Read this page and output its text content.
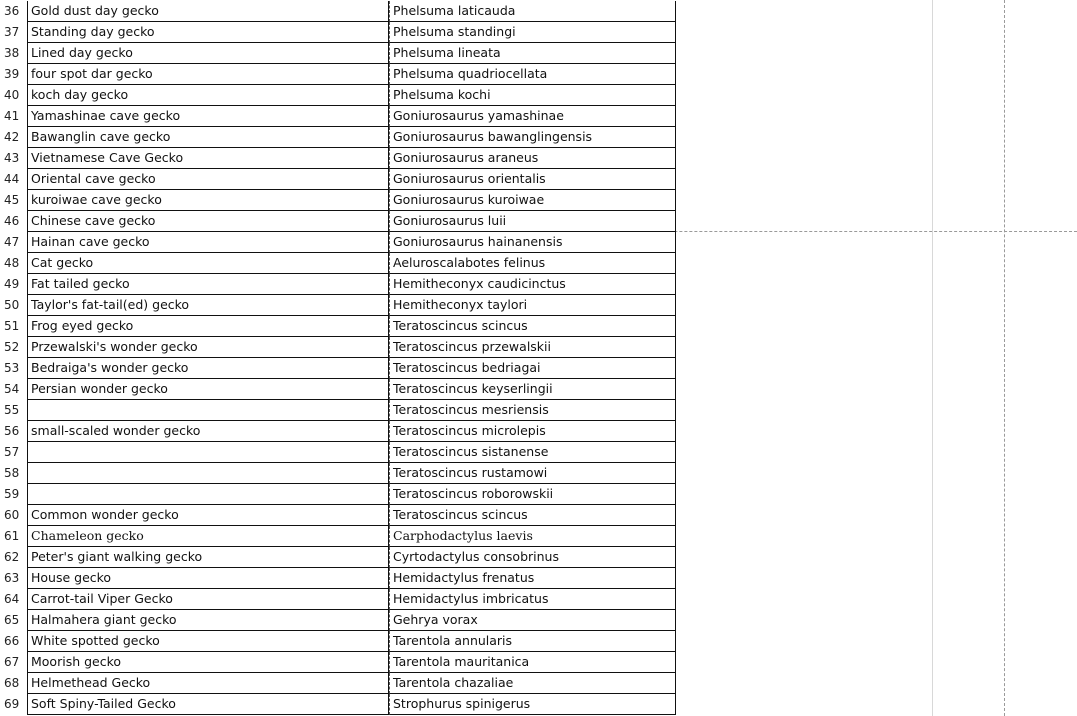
36 Gold dust day gecko	Phelsuma laticauda
37 Standing day gecko	Phelsuma standingi
38 Lined day gecko	Phelsuma lineata
39 four spot dar gecko	Phelsuma quadriocellata
40 koch day gecko	Phelsuma kochi
41 Yamashinae cave gecko	Goniurosaurus yamashinae
42 Bawanglin cave gecko	Goniurosaurus bawanglingensis
43 Vietnamese Cave Gecko	Goniurosaurus araneus
44 Oriental cave gecko	Goniurosaurus orientalis
45 kuroiwae cave gecko	Goniurosaurus kuroiwae
46 Chinese cave gecko	Goniurosaurus luii
47 Hainan cave gecko	Goniurosaurus hainanensis
48 Cat gecko	Aeluroscalabotes felinus
49 Fat tailed gecko	Hemitheconyx caudicinctus
50 Taylor's fat-tail(ed) gecko	Hemitheconyx taylori
51 Frog eyed gecko	Teratoscincus scincus
52 Przewalski's wonder gecko	Teratoscincus przewalskii
53 Bedraiga's wonder gecko	Teratoscincus bedriagai
54 Persian wonder gecko	Teratoscincus keyserlingii
55	Teratoscincus mesriensis
56 small-scaled wonder gecko	Teratoscincus microlepis
57	Teratoscincus sistanense
58	Teratoscincus rustamowi
59	Teratoscincus roborowskii
60 Common wonder gecko	Teratoscincus scincus
61 Chameleon gecko	Carphodactylus laevis
62 Peter's giant walking gecko	Cyrtodactylus consobrinus
63 House gecko	Hemidactylus frenatus
64 Carrot-tail Viper Gecko	Hemidactylus imbricatus
65 Halmahera giant gecko	Gehrya vorax
66 White spotted gecko	Tarentola annularis
67 Moorish gecko	Tarentola mauritanica
68 Helmethead Gecko	Tarentola chazaliae
69 Soft Spiny-Tailed Gecko	Strophurus spinigerus
